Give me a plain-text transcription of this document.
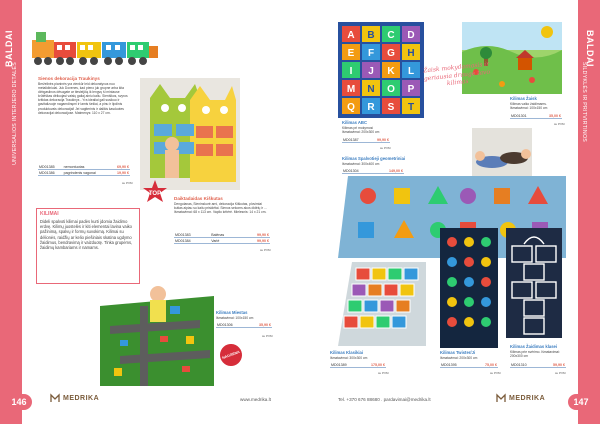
BALDAI
UNIVERSALIOS INTERJERO DETALĖS	Sienos dekoracija Traukinys
Berželinės pianinės yra vienkūr leid dekoratyvus nuo metalidiniulai. Juk Dovenes, kad pieno juk grupne arba kita dirbgasilnos dėsugate ar tiesleijčią ik lengvų ši miniause krūtėškas dėliuojasi vaisių galiaj ainiu kaliu. Sieniškos, svyros kritidas dekoracija Traukinys - Yra idealiai gali susikuo ir gavitalizuoje nagamdinęmi ir lamis šešiai, a pinu ir lipdinis produktuvais dekoracijai! Jei vagiterinis ir dalikis kasduotes dekoracijai dekoracijose. Matmenys: 110 x 27 cm.
MD01385	nemontuotas	69,90 €
MD01386	pagrindenis vagonai	19,90 €
su PVM
TOP
Daiktadaidas Kiškutas
Dengolanas, Sieninskurė arni, dekoracija Kiškutas, plovimiai kutias aipiau su kaiiu prisidėtai. Sienos sekoms akos didėlų ir ... Išmatavimai: 68 x 113 cm. Vapilo kritėrė. Mielesnis: 14 x 21 cm.
MD01383	Balėnas	99,90 €
MD01384	Varlė	99,90 €
su PVM
KILIMAI
Dideli spalvoti kilimai padės kurti įdomia žaidimo erdvę. Kilimų juostelės ir kiti elementai lavina vaiko pažinimą, spalvų ir formų suvokimą. Kilimai su dėlionės, raidžių ar kelio piešiniais skatina ugdymo žaidimus, bendravimą ir vaizduotę. Tinka grupėms, žaidimų kambariams ir namams.
Kilimas Miestas
Išmatavimai: 100x150 cm
MD01306	35,90 €
su PVM
NAUJIENA
146	MEDRIKA	www.medrika.lt
BALDAI
ŠILDYKLĖS IR PRITVIRTINOS
A B C D
E F G H
I J K L
M N O P
Q R S T
Kilimas ABC
Kilimas pri mokymosi Išmatavimai: 200x300 cm
MD01387	99,90 €
su PVM
Žaisk mokydamasis ir geriausia draugė tavo kilimas
Kilimas Žaisk
Kilimas vaiko žaidimams. Išmatavimai: 100x150 cm
MD01301	35,00 €
su PVM
Kilimas Spalvotieji geometriniai
Išmatavimai: 300x400 cm
MD01304	149,00 €
Kilimas Klasikiai
Išmatavimai: 300x300 cm
MD01389	175,00 €
su PVM
Kilimas Twister/Ji
Išmatavimai: 200x300 cm
MD01395	75,00 €
su PVM
Kilimas Žaidimas klasei
Kilimas prie svėrimo. Išmatavimai: 200x300 cm
MD01310	59,90 €
su PVM
Tel. +370 676 88680 . pardavimai@medrika.lt	MEDRIKA	147
